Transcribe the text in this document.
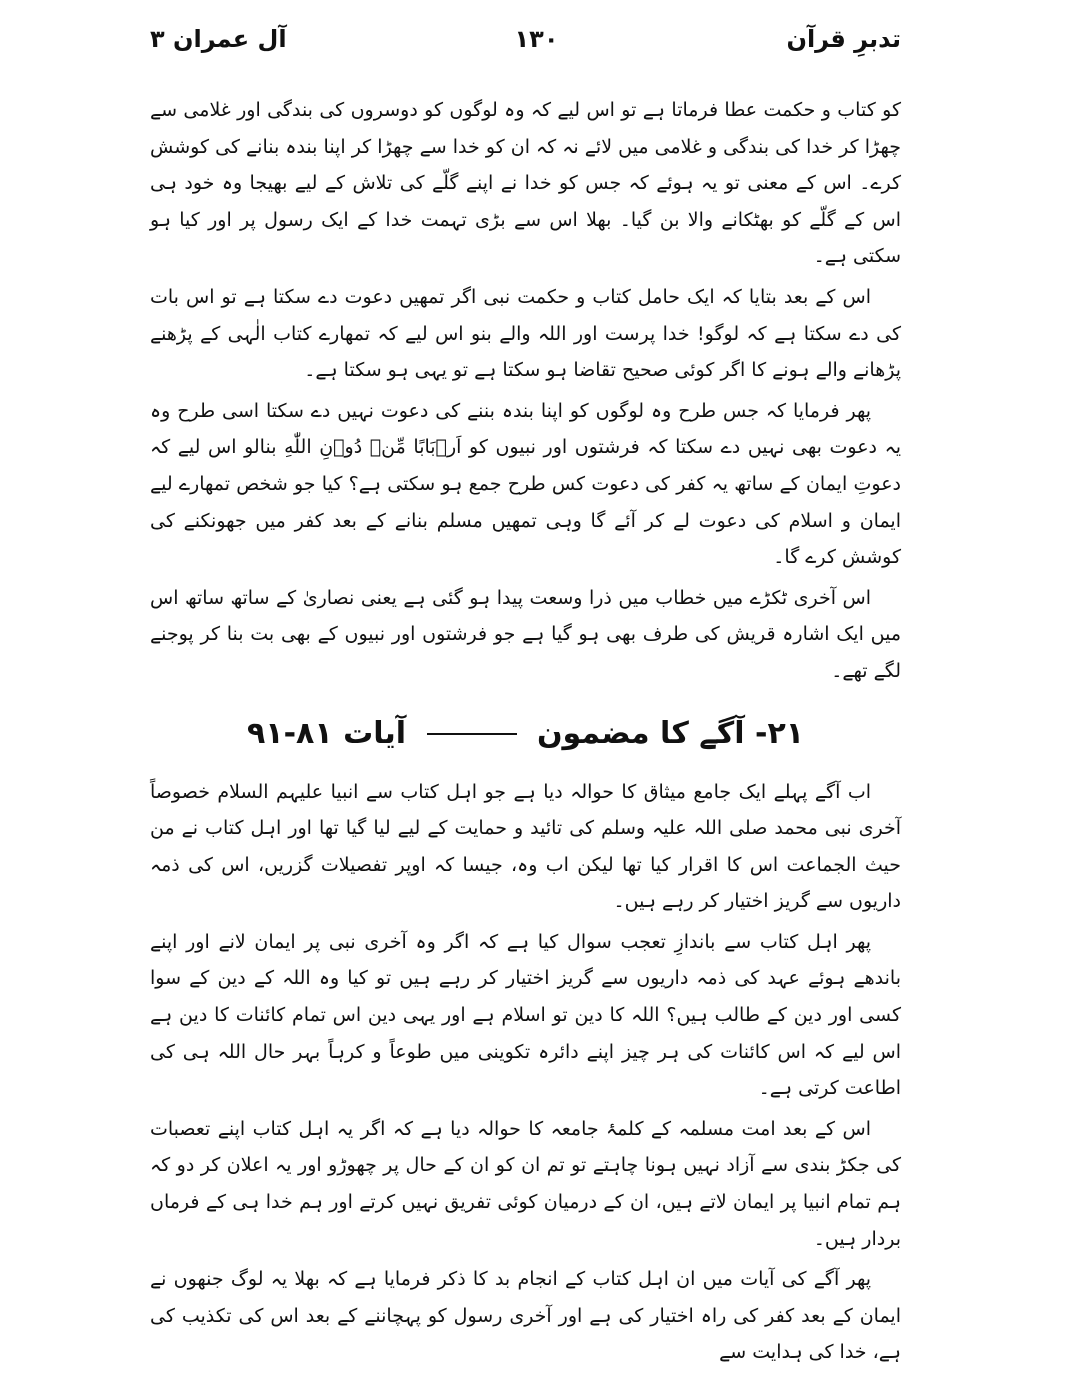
تدبرِ قرآن
۱۳۰
آل عمران ۳

کو کتاب و حکمت عطا فرماتا ہے تو اس لیے کہ وہ لوگوں کو دوسروں کی بندگی اور غلامی سے چھڑا کر خدا کی بندگی و غلامی میں لائے نہ کہ ان کو خدا سے چھڑا کر اپنا بندہ بنانے کی کوشش کرے۔ اس کے معنی تو یہ ہوئے کہ جس کو خدا نے اپنے گلّے کی تلاش کے لیے بھیجا وہ خود ہی اس کے گلّے کو بھٹکانے والا بن گیا۔ بھلا اس سے بڑی تہمت خدا کے ایک رسول پر اور کیا ہو سکتی ہے۔

اس کے بعد بتایا کہ ایک حامل کتاب و حکمت نبی اگر تمھیں دعوت دے سکتا ہے تو اس بات کی دے سکتا ہے کہ لوگو! خدا پرست اور اللہ والے بنو اس لیے کہ تمھارے کتاب الٰہی کے پڑھنے پڑھانے والے ہونے کا اگر کوئی صحیح تقاضا ہو سکتا ہے تو یہی ہو سکتا ہے۔

پھر فرمایا کہ جس طرح وہ لوگوں کو اپنا بندہ بننے کی دعوت نہیں دے سکتا اسی طرح وہ یہ دعوت بھی نہیں دے سکتا کہ فرشتوں اور نبیوں کو اَرۡبَابًا مِّنۡ دُوۡنِ اللّٰهِ بنالو اس لیے کہ دعوتِ ایمان کے ساتھ یہ کفر کی دعوت کس طرح جمع ہو سکتی ہے؟ کیا جو شخص تمھارے لیے ایمان و اسلام کی دعوت لے کر آئے گا وہی تمھیں مسلم بنانے کے بعد کفر میں جھونکنے کی کوشش کرے گا۔

اس آخری ٹکڑے میں خطاب میں ذرا وسعت پیدا ہو گئی ہے یعنی نصاریٰ کے ساتھ ساتھ اس میں ایک اشارہ قریش کی طرف بھی ہو گیا ہے جو فرشتوں اور نبیوں کے بھی بت بنا کر پوجنے لگے تھے۔

۲۱- آگے کا مضمون  آیات ۸۱-۹۱

اب آگے پہلے ایک جامع میثاق کا حوالہ دیا ہے جو اہل کتاب سے انبیا علیہم السلام خصوصاً آخری نبی محمد صلی اللہ علیہ وسلم کی تائید و حمایت کے لیے لیا گیا تھا اور اہل کتاب نے من حیث الجماعت اس کا اقرار کیا تھا لیکن اب وہ، جیسا کہ اوپر تفصیلات گزریں، اس کی ذمہ داریوں سے گریز اختیار کر رہے ہیں۔

پھر اہل کتاب سے باندازِ تعجب سوال کیا ہے کہ اگر وہ آخری نبی پر ایمان لانے اور اپنے باندھے ہوئے عہد کی ذمہ داریوں سے گریز اختیار کر رہے ہیں تو کیا وہ اللہ کے دین کے سوا کسی اور دین کے طالب ہیں؟ اللہ کا دین تو اسلام ہے اور یہی دین اس تمام کائنات کا دین ہے اس لیے کہ اس کائنات کی ہر چیز اپنے دائرہ تکوینی میں طوعاً و کرہاً بہر حال اللہ ہی کی اطاعت کرتی ہے۔

اس کے بعد امت مسلمہ کے کلمۂ جامعہ کا حوالہ دیا ہے کہ اگر یہ اہل کتاب اپنے تعصبات کی جکڑ بندی سے آزاد نہیں ہونا چاہتے تو تم ان کو ان کے حال پر چھوڑو اور یہ اعلان کر دو کہ ہم تمام انبیا پر ایمان لاتے ہیں، ان کے درمیان کوئی تفریق نہیں کرتے اور ہم خدا ہی کے فرماں بردار ہیں۔

پھر آگے کی آیات میں ان اہل کتاب کے انجام بد کا ذکر فرمایا ہے کہ بھلا یہ لوگ جنھوں نے ایمان کے بعد کفر کی راہ اختیار کی ہے اور آخری رسول کو پہچاننے کے بعد اس کی تکذیب کی ہے، خدا کی ہدایت سے
